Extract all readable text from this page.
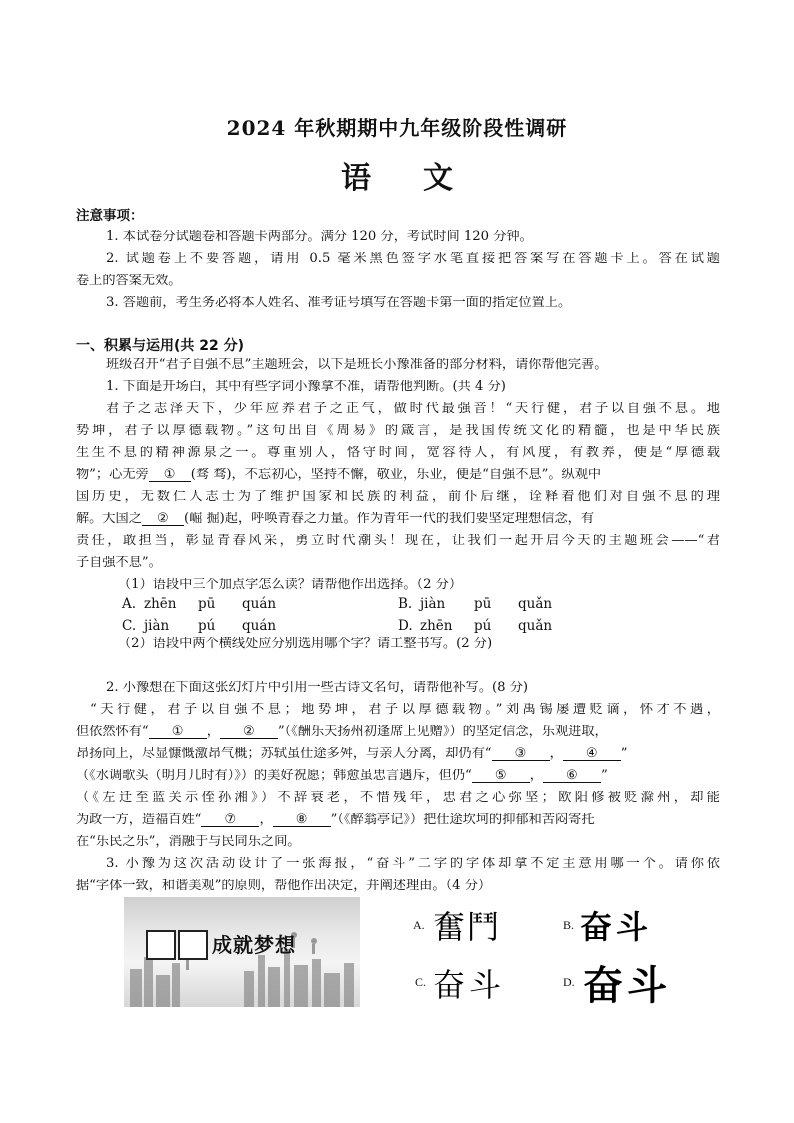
2024 年秋期期中九年级阶段性调研
语 文
注意事项：
1. 本试卷分试题卷和答题卡两部分。满分 120 分，考试时间 120 分钟。
2. 试题卷上不要答题，请用 0.5 毫米黑色签字水笔直接把答案写在答题卡上。答在试题
卷上的答案无效。
3. 答题前，考生务必将本人姓名、准考证号填写在答题卡第一面的指定位置上。
一、积累与运用(共 22 分)
班级召开“君子自强不息”主题班会，以下是班长小豫准备的部分材料，请你帮他完善。
1. 下面是开场白，其中有些字词小豫拿不准，请帮他判断。(共 4 分)
君子之志泽天下，少年应养君子之正气，做时代最强音！“天行健，君子以自强不息。地
势坤，君子以厚德载物。”这句出自《周易》的箴言，是我国传统文化的精髓，也是中华民族
生生不息的精神源泉之一。尊重别人，恪守时间，宽容待人，有风度，有教养，便是“厚德载
物”；心无旁 ① (骛 骛)，不忘初心，坚持不懈，敬业，乐业，便是“自强不息”。纵观中
国历史，无数仁人志士为了维护国家和民族的利益，前仆后继，诠释着他们对自强不息的理
解。大国之 ② (崛 掘)起，呼唤青春之力量。作为青年一代的我们要坚定理想信念，有
责任，敢担当，彰显青春风采，勇立时代潮头！现在，让我们一起开启今天的主题班会——“君
子自强不息”。
（1）语段中三个加点字怎么读？请帮他作出选择。（2 分）
A. zhēn pū quán	B. jiàn pū quǎn
C. jiàn pú quán	D. zhēn pú quǎn
（2）语段中两个横线处应分别选用哪个字？请工整书写。(2 分)
2. 小豫想在下面这张幻灯片中引用一些古诗文名句，请帮他补写。(8 分)
“天行健，君子以自强不息；地势坤，君子以厚德载物。”刘禹锡屡遭贬谪，怀才不遇，
但依然怀有“ ① ， ② ”（《酬乐天扬州初逢席上见赠》）的坚定信念，乐观进取，
昂扬向上，尽显慷慨激昂气概；苏轼虽仕途多舛，与亲人分离，却仍有“ ③ ， ④ ”
（《水调歌头（明月几时有）》）的美好祝愿；韩愈虽忠言遇斥，但仍“ ⑤ ， ⑥ ”
（《左迁至蓝关示侄孙湘》）不辞衰老，不惜残年，忠君之心弥坚；欧阳修被贬滁州，却能
为政一方，造福百姓“ ⑦ ， ⑧ ”（《醉翁亭记》）把仕途坎坷的抑郁和苦闷寄托
在“乐民之乐”，消融于与民同乐之间。
3. 小豫为这次活动设计了一张海报，“奋斗”二字的字体却拿不定主意用哪一个。请你依
据“字体一致，和谐美观”的原则，帮他作出决定，并阐述理由。（4 分）
成就梦想
A. 奮鬥	B. 奋斗
C. 奋斗	D. 奋斗
